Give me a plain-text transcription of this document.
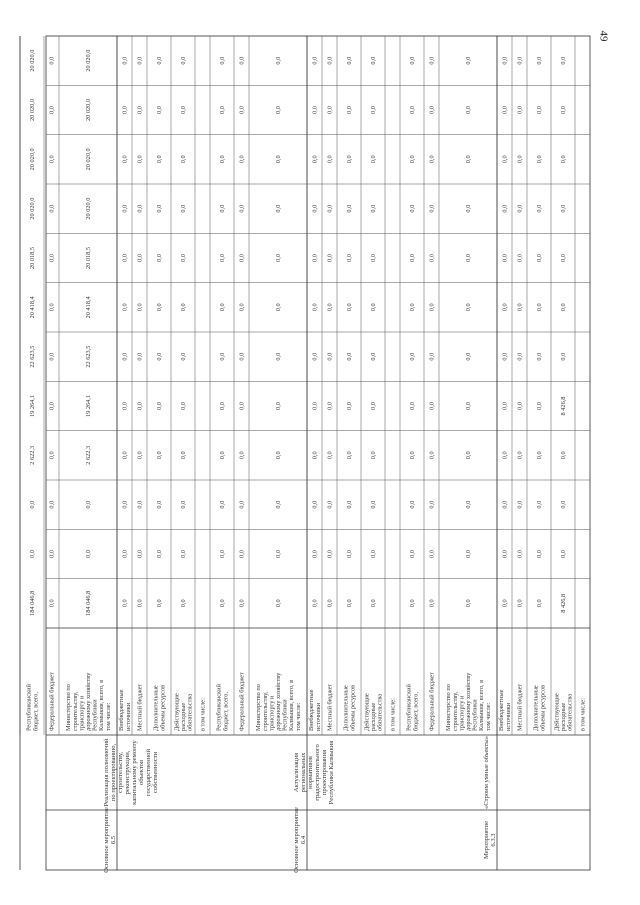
49
в том числе:
Действующиерасходныеобязательства
8 426,8
0,0
0,0
0,0
8 426,8
0,0
0,0
0,0
0,0
0,0
0,0
0,0
Дополнительныеобъемы ресурсов
0,0
0,0
0,0
0,0
0,0
0,0
0,0
0,0
0,0
0,0
0,0
0,0
Местный бюджет
0,0
0,0
0,0
0,0
0,0
0,0
0,0
0,0
0,0
0,0
0,0
0,0
Внебюджетныеисточники
0,0
0,0
0,0
0,0
0,0
0,0
0,0
0,0
0,0
0,0
0,0
0,0
Министерство построительству,транспорту идорожному хозяйствуРеспубликиКалмыкия, всего, втом числе:
0,0
0,0
0,0
0,0
0,0
0,0
0,0
0,0
0,0
0,0
0,0
0,0
Федеральный бюджет
0,0
0,0
0,0
0,0
0,0
0,0
0,0
0,0
0,0
0,0
0,0
0,0
Республиканскийбюджет, всего,
0,0
0,0
0,0
0,0
0,0
0,0
0,0
0,0
0,0
0,0
0,0
0,0
в том числе:
Действующиерасходныеобязательства
0,0
0,0
0,0
0,0
0,0
0,0
0,0
0,0
0,0
0,0
0,0
0,0
Дополнительныеобъемы ресурсов
0,0
0,0
0,0
0,0
0,0
0,0
0,0
0,0
0,0
0,0
0,0
0,0
Местный бюджет
0,0
0,0
0,0
0,0
0,0
0,0
0,0
0,0
0,0
0,0
0,0
0,0
Внебюджетныеисточники
0,0
0,0
0,0
0,0
0,0
0,0
0,0
0,0
0,0
0,0
0,0
0,0
Мероприятие6.3.3
«Строим умные объекты»
Министерство построительству,транспорту идорожному хозяйствуРеспубликиКалмыкия, всего, втом числе:
0,0
0,0
0,0
0,0
0,0
0,0
0,0
0,0
0,0
0,0
0,0
0,0
Федеральный бюджет
0,0
0,0
0,0
0,0
0,0
0,0
0,0
0,0
0,0
0,0
0,0
0,0
Республиканскийбюджет, всего,
0,0
0,0
0,0
0,0
0,0
0,0
0,0
0,0
0,0
0,0
0,0
0,0
в том числе:
Действующиерасходныеобязательства
0,0
0,0
0,0
0,0
0,0
0,0
0,0
0,0
0,0
0,0
0,0
0,0
Дополнительныеобъемы ресурсов
0,0
0,0
0,0
0,0
0,0
0,0
0,0
0,0
0,0
0,0
0,0
0,0
Местный бюджет
0,0
0,0
0,0
0,0
0,0
0,0
0,0
0,0
0,0
0,0
0,0
0,0
Внебюджетныеисточники
0,0
0,0
0,0
0,0
0,0
0,0
0,0
0,0
0,0
0,0
0,0
0,0
Основное мероприятие6.4
АктуализациярегиональныхнормативовградостроительногопроектированияРеспублики Калмыкия
Министерство построительству,транспорту идорожному хозяйствуРеспубликиКалмыкия, всего, втом числе:
184 046,8
0,0
0,0
2 622,3
19 264,1
22 623,5
20 418,4
20 018,5
20 020,0
20 020,0
20 020,0
20 020,0
Федеральный бюджет
0,0
0,0
0,0
0,0
0,0
0,0
0,0
0,0
0,0
0,0
0,0
0,0
Республиканскийбюджет, всего,
184 046,8
0,0
0,0
2 622,3
19 264,1
22 623,5
20 418,4
20 018,5
20 020,0
20 020,0
20 020,0
20 020,0
Основное мероприятие6.5
Реализация полномочийпо проектированию,строительству,реконструкции,капитальному ремонтуобъектовгосударственнойсобственности
